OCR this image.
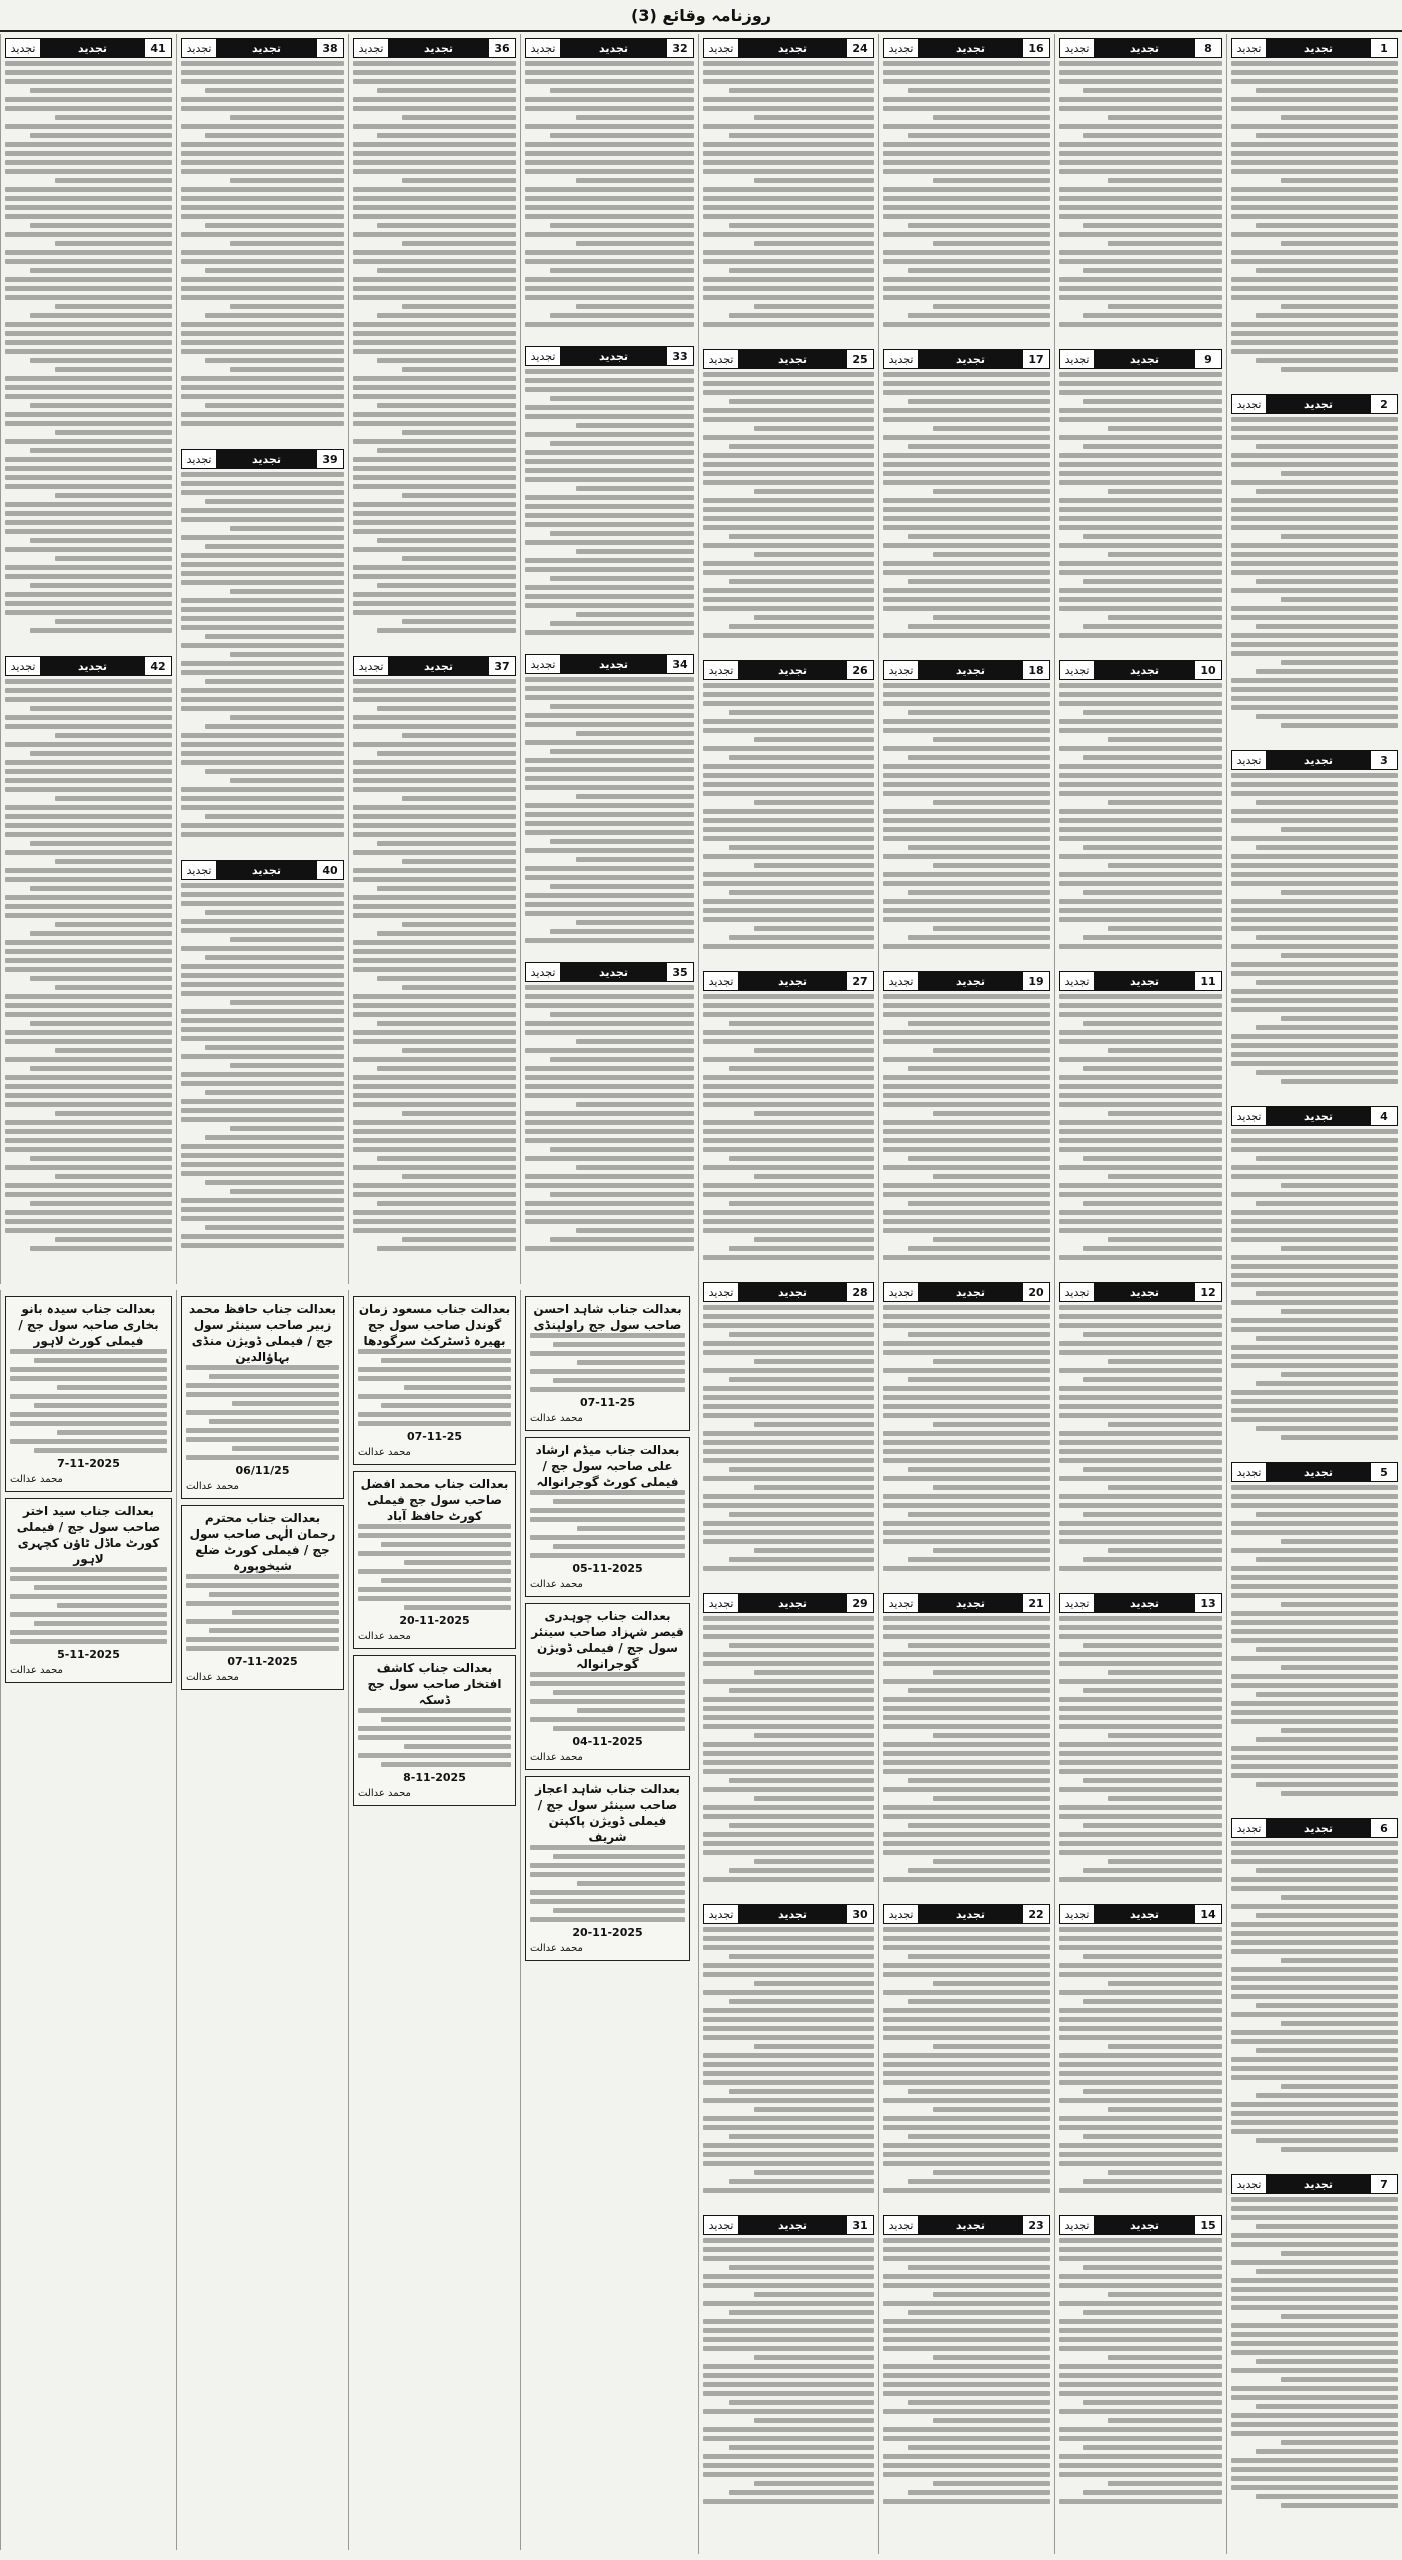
روزنامہ وقائع (3)
1
تجدید
تجدید
2
تجدید
تجدید
3
تجدید
تجدید
4
تجدید
تجدید
5
تجدید
تجدید
6
تجدید
تجدید
7
تجدید
تجدید
8
تجدید
تجدید
9
تجدید
تجدید
10
تجدید
تجدید
11
تجدید
تجدید
12
تجدید
تجدید
13
تجدید
تجدید
14
تجدید
تجدید
15
تجدید
تجدید
16
تجدید
تجدید
17
تجدید
تجدید
18
تجدید
تجدید
19
تجدید
تجدید
20
تجدید
تجدید
21
تجدید
تجدید
22
تجدید
تجدید
23
تجدید
تجدید
24
تجدید
تجدید
25
تجدید
تجدید
26
تجدید
تجدید
27
تجدید
تجدید
28
تجدید
تجدید
29
تجدید
تجدید
30
تجدید
تجدید
31
تجدید
تجدید
32
تجدید
تجدید
33
تجدید
تجدید
34
تجدید
تجدید
35
تجدید
تجدید
36
تجدید
تجدید
37
تجدید
تجدید
38
تجدید
تجدید
39
تجدید
تجدید
40
تجدید
تجدید
41
تجدید
تجدید
42
تجدید
تجدید
بعدالت جناب شاہد احسن صاحب سول جج راولپنڈی
07-11-25
محمد عدالت
بعدالت جناب میڈم ارشاد علی صاحبہ سول جج / فیملی کورٹ گوجرانوالہ
05-11-2025
محمد عدالت
بعدالت جناب چوہدری قیصر شہزاد صاحب سینئر سول جج / فیملی ڈویژن گوجرانوالہ
04-11-2025
محمد عدالت
بعدالت جناب شاہد اعجاز صاحب سینئر سول جج / فیملی ڈویژن پاکپتن شریف
20-11-2025
محمد عدالت
بعدالت جناب مسعود زمان گوندل صاحب سول جج بھیرہ ڈسٹرکٹ سرگودھا
07-11-25
محمد عدالت
بعدالت جناب محمد افضل صاحب سول جج فیملی کورٹ حافظ آباد
20-11-2025
محمد عدالت
بعدالت جناب کاشف افتخار صاحب سول جج ڈسکہ
8-11-2025
محمد عدالت
بعدالت جناب حافظ محمد زبیر صاحب سینئر سول جج / فیملی ڈویژن منڈی بہاؤالدین
06/11/25
محمد عدالت
بعدالت جناب محترم رحمان الٰہی صاحب سول جج / فیملی کورٹ ضلع شیخوپورہ
07-11-2025
محمد عدالت
بعدالت جناب سیدہ بانو بخاری صاحبہ سول جج / فیملی کورٹ لاہور
7-11-2025
محمد عدالت
بعدالت جناب سید اختر صاحب سول جج / فیملی کورٹ ماڈل ٹاؤن کچہری لاہور
5-11-2025
محمد عدالت
